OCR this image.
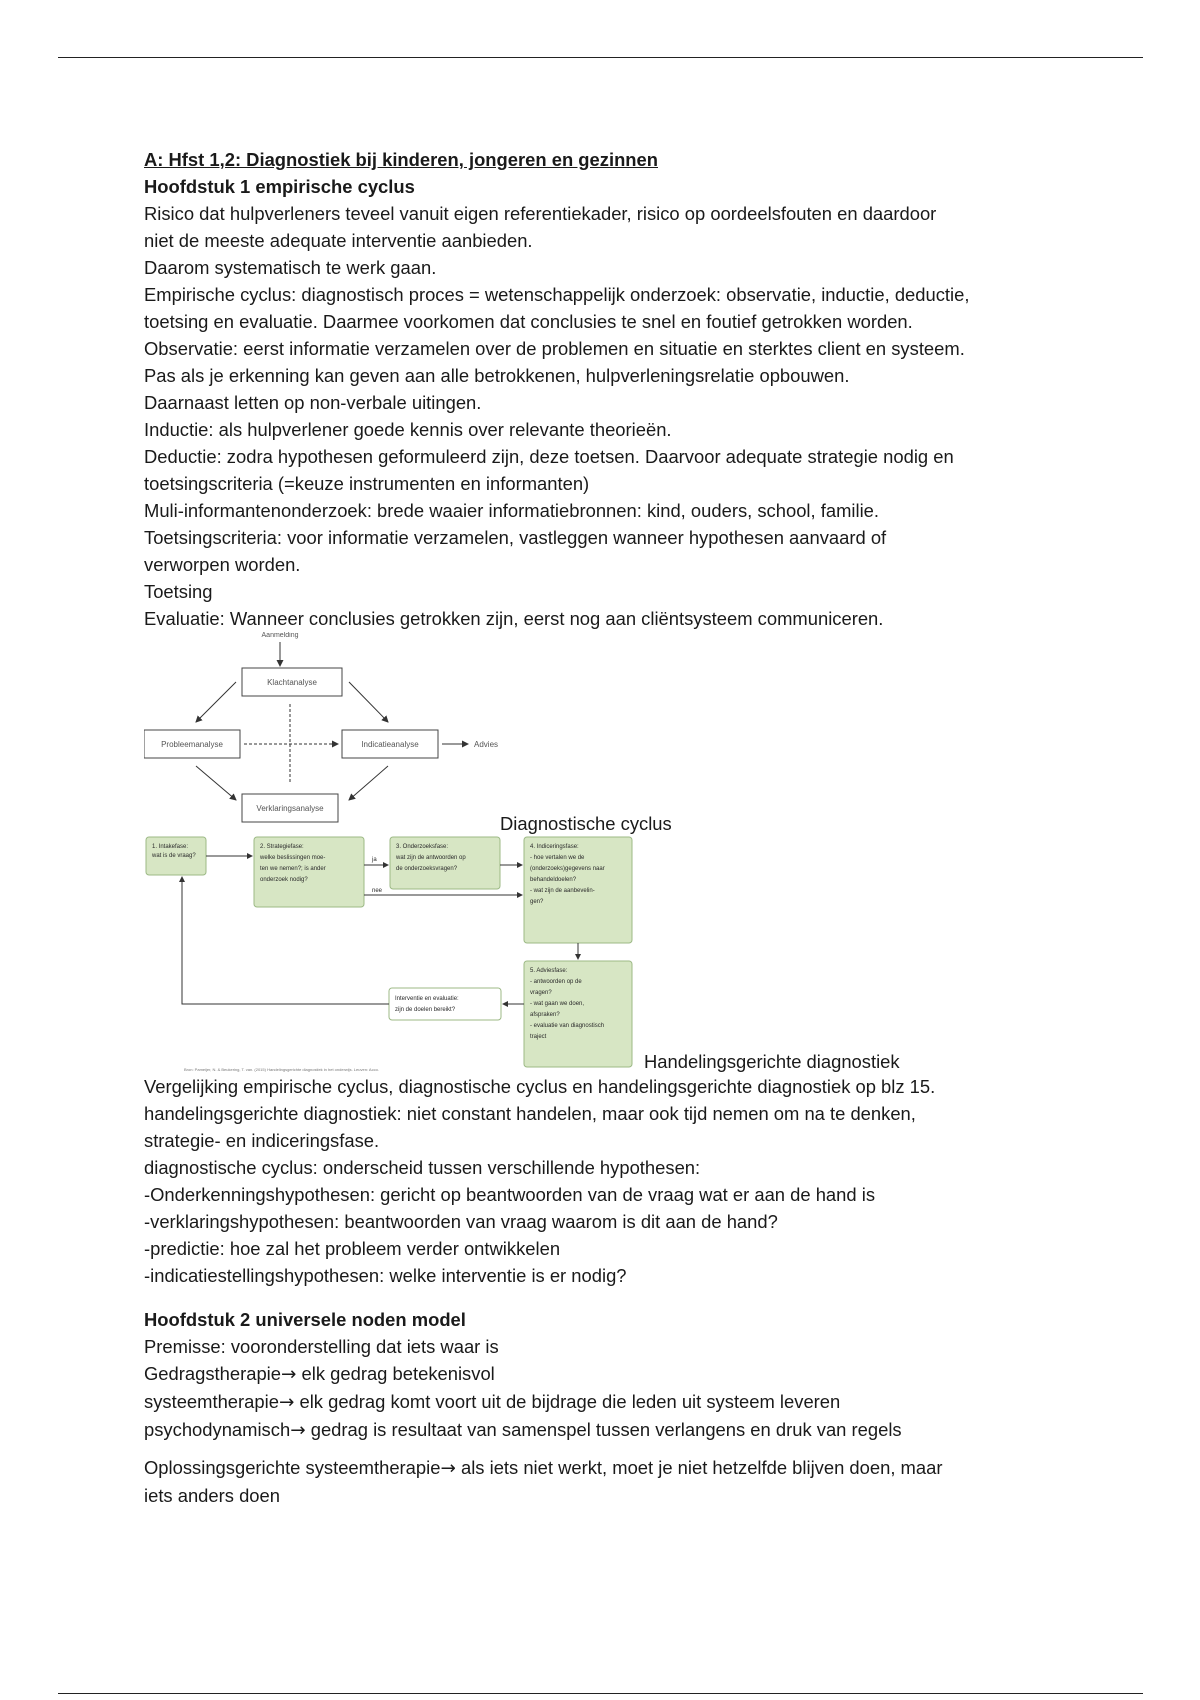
A: Hfst 1,2: Diagnostiek bij kinderen, jongeren en gezinnen

Hoofdstuk 1 empirische cyclus

Risico dat hulpverleners teveel vanuit eigen referentiekader, risico op oordeelsfouten en daardoor

niet de meeste adequate interventie aanbieden.

Daarom systematisch te werk gaan.

Empirische cyclus: diagnostisch proces = wetenschappelijk onderzoek: observatie, inductie, deductie,

toetsing en evaluatie. Daarmee voorkomen dat conclusies te snel en foutief getrokken worden.

Observatie: eerst informatie verzamelen over de problemen en situatie en sterktes client en systeem.

Pas als je erkenning kan geven aan alle betrokkenen, hulpverleningsrelatie opbouwen.

Daarnaast letten op non-verbale uitingen.

Inductie: als hulpverlener goede kennis over relevante theorieën.

Deductie: zodra hypothesen geformuleerd zijn, deze toetsen. Daarvoor adequate strategie nodig en

toetsingscriteria (=keuze instrumenten en informanten)

Muli-informantenonderzoek: brede waaier informatiebronnen: kind, ouders, school, familie.

Toetsingscriteria: voor informatie verzamelen, vastleggen wanneer hypothesen aanvaard of

verworpen worden.

Toetsing

Evaluatie: Wanneer conclusies getrokken zijn, eerst nog aan cliëntsysteem communiceren.

Aanmelding
Klachtanalyse
Probleemanalyse	Indicatieanalyse
Verklaringsanalyse
Advies
Diagnostische cyclus
1. Intakefase: wat is de vraag?
2. Strategiefase: welke beslissingen moe- ten we nemen?; is ander onderzoek nodig?
3. Onderzoeksfase: wat zijn de antwoorden op de onderzoeksvragen?
4. Indiceringsfase: - hoe vertalen we de (onderzoeks)gegevens naar behandeldoelen? - wat zijn de aanbevelin- gen?
5. Adviesfase: - antwoorden op de vragen? - wat gaan we doen, afspraken? - evaluatie van diagnostisch traject
Interventie en evaluatie: zijn de doelen bereikt?
ja
nee
Bron: Pameijer, N. & Beukering, T. van. (2015) Handelingsgerichte diagnostiek in het onderwijs. Leuven: Acco.	Handelingsgerichte diagnostiek

Vergelijking empirische cyclus, diagnostische cyclus en handelingsgerichte diagnostiek op blz 15.

handelingsgerichte diagnostiek: niet constant handelen, maar ook tijd nemen om na te denken,

strategie- en indiceringsfase.

diagnostische cyclus: onderscheid tussen verschillende hypothesen:

-Onderkenningshypothesen: gericht op beantwoorden van de vraag wat er aan de hand is

-verklaringshypothesen: beantwoorden van vraag waarom is dit aan de hand?

-predictie: hoe zal het probleem verder ontwikkelen

-indicatiestellingshypothesen: welke interventie is er nodig?

Hoofdstuk 2 universele noden model

Premisse: vooronderstelling dat iets waar is

Gedragstherapie→ elk gedrag betekenisvol

systeemtherapie→ elk gedrag komt voort uit de bijdrage die leden uit systeem leveren

psychodynamisch→ gedrag is resultaat van samenspel tussen verlangens en druk van regels

Oplossingsgerichte systeemtherapie→ als iets niet werkt, moet je niet hetzelfde blijven doen, maar

iets anders doen
